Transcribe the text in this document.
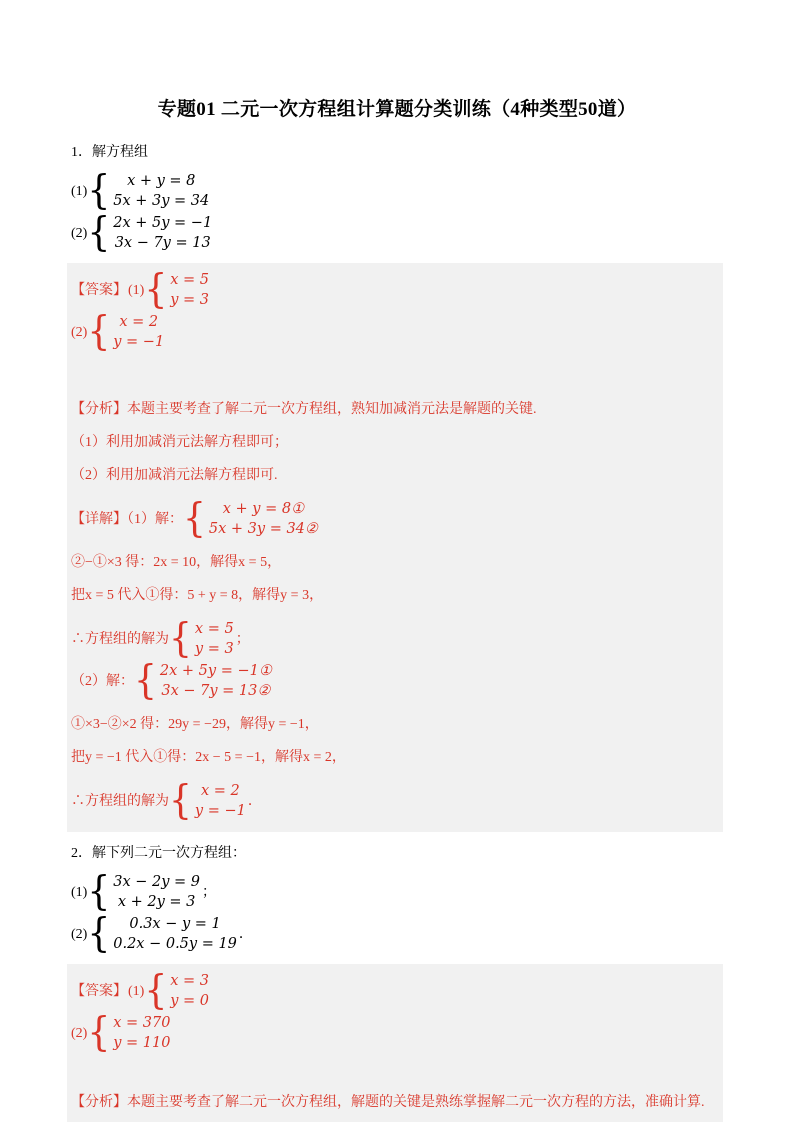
专题01 二元一次方程组计算题分类训练（4种类型50道）

1．解方程组

(1) { x + y = 8
5x + 3y = 34
(2) { 2x + 5y = −1
3x − 7y = 13
【答案】 (1) { x = 5
y = 3
(2) { x = 2
y = −1

【分析】本题主要考查了解二元一次方程组，熟知加减消元法是解题的关键.

（1）利用加减消元法解方程即可；

（2）利用加减消元法解方程即可.

【详解】（1）解： { x + y = 8①
5x + 3y = 34②

②−①×3 得：2x = 10，解得x = 5，

把x = 5 代入①得：5 + y = 8，解得y = 3，

∴方程组的解为 { x = 5
y = 3
；
（2）解： { 2x + 5y = −1①
3x − 7y = 13②

①×3−②×2 得：29y = −29，解得y = −1，

把y = −1 代入①得：2x − 5 = −1，解得x = 2，

∴方程组的解为 { x = 2
y = −1
．

2．解下列二元一次方程组：

(1) { 3x − 2y = 9
x + 2y = 3
；
(2) { 0.3x − y = 1
0.2x − 0.5y = 19
．
【答案】 (1) { x = 3
y = 0
(2) { x = 370
y = 110

【分析】本题主要考查了解二元一次方程组，解题的关键是熟练掌握解二元一次方程的方法，准确计算.
